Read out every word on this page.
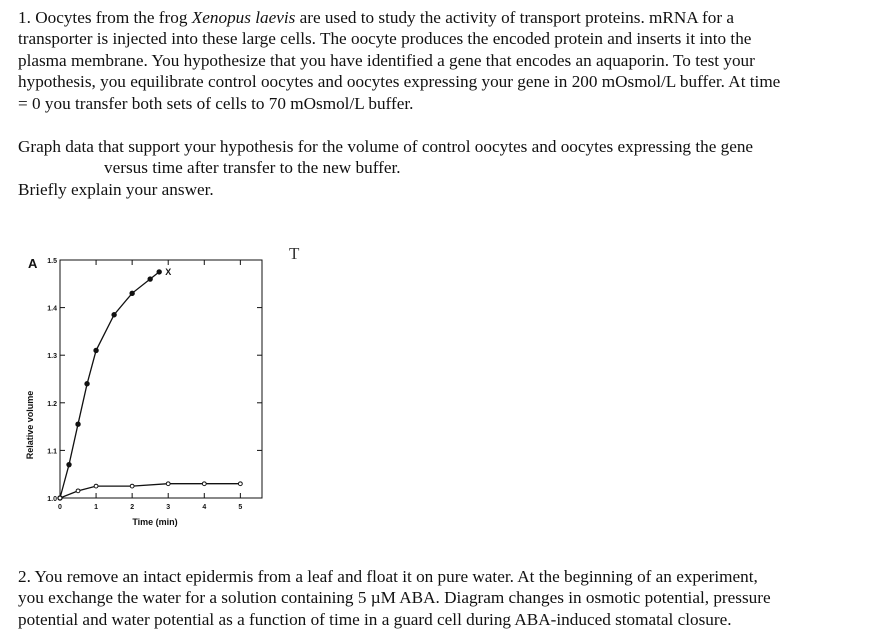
1. Oocytes from the frog Xenopus laevis are used to study the activity of transport proteins. mRNA for a
transporter is injected into these large cells. The oocyte produces the encoded protein and inserts it into the
plasma membrane. You hypothesize that you have identified a gene that encodes an aquaporin. To test your
hypothesis, you equilibrate control oocytes and oocytes expressing your gene in 200 mOsmol/L buffer. At time
= 0 you transfer both sets of cells to 70 mOsmol/L buffer.
Graph data that support your hypothesis for the volume of control oocytes and oocytes expressing the gene
versus time after transfer to the new buffer.
Briefly explain your answer.
A
Relative volume
Time (min)
1.0
1.1
1.2
1.3
1.4
1.5
0	1	2	3	4	5
X
T
2. You remove an intact epidermis from a leaf and float it on pure water. At the beginning of an experiment,
you exchange the water for a solution containing 5 µM ABA. Diagram changes in osmotic potential, pressure
potential and water potential as a function of time in a guard cell during ABA-induced stomatal closure.
